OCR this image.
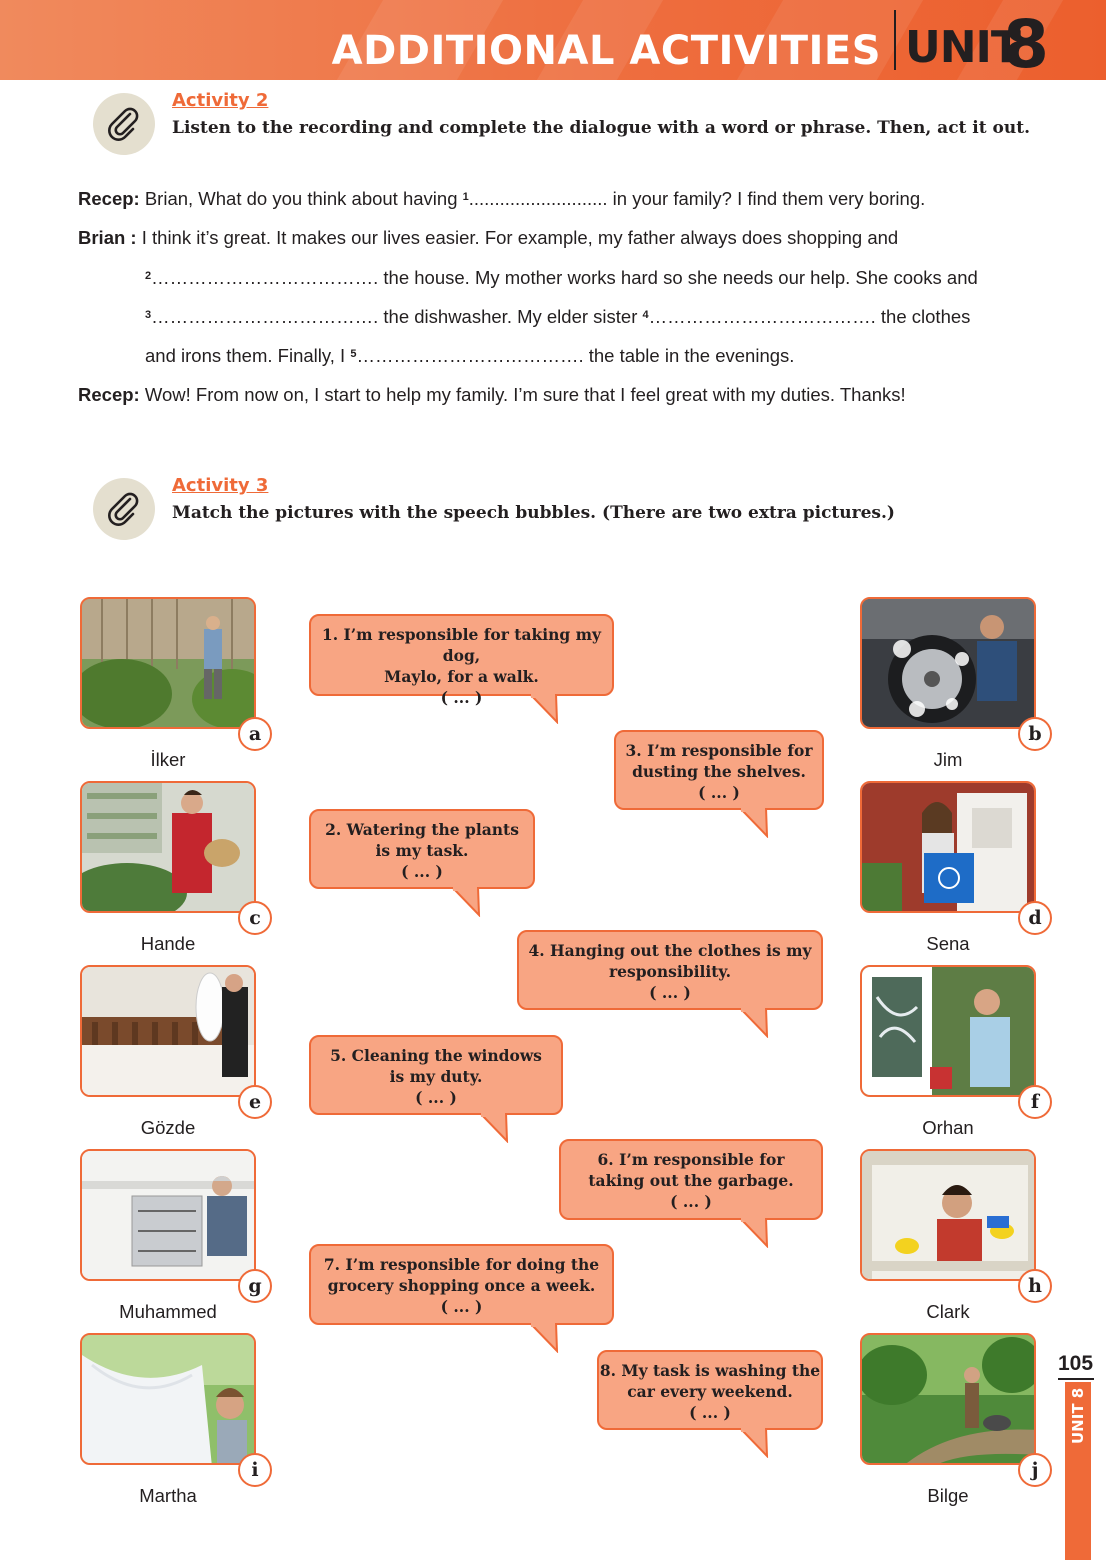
ADDITIONAL ACTIVITIES UNIT
8
Activity 2
Listen to the recording and complete the dialogue with a word or phrase. Then, act it out.
Recep: Brian, What do you think about having $^1$........................... in your family? I find them very boring.
Brian : I think it’s great. It makes our lives easier. For example, my father always does shopping and
$^2$………………………………. the house. My mother works hard so she needs our help. She cooks and
$^3$………………………………. the dishwasher. My elder sister $^4$………………………………. the clothes
and irons them. Finally, I $^5$………………………………. the table in the evenings.
Recep: Wow! From now on, I start to help my family. I’m sure that I feel great with my duties. Thanks!
Activity 3
Match the pictures with the speech bubbles. (There are two extra pictures.)
a
İlker
c
Hande
e
Gözde
g
Muhammed
i
Martha
b
Jim
d
Sena
f
Orhan
h
Clark
j
Bilge
1. I’m responsible for taking my dog,
Maylo, for a walk.
( ... )
3. I’m responsible for
dusting the shelves.
( ... )
2. Watering the plants
is my task.
( ... )
4. Hanging out the clothes is my
responsibility.
( ... )
5. Cleaning the windows
is my duty.
( ... )
6. I’m responsible for
taking out the garbage.
( ... )
7. I’m responsible for doing the
grocery shopping once a week.
( ... )
8. My task is washing the
car every weekend.
( ... )
105
UNIT 8
